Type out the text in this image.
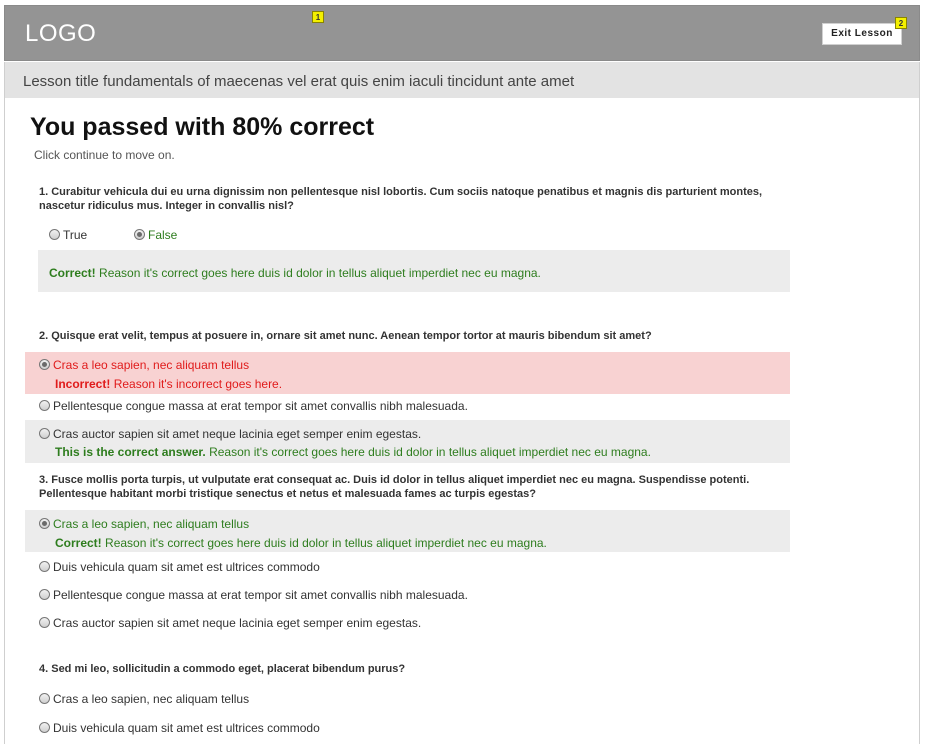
LOGO
1
Exit Lesson
2
Lesson title fundamentals of maecenas vel erat quis enim iaculi tincidunt ante amet
You passed with 80% correct
Click continue to move on.
1. Curabitur vehicula dui eu urna dignissim non pellentesque nisl lobortis. Cum sociis natoque penatibus et magnis dis parturient montes, nascetur ridiculus mus. Integer in convallis nisl?
True	False
Correct! Reason it's correct goes here duis id dolor in tellus aliquet imperdiet nec eu magna.
2. Quisque erat velit, tempus at posuere in, ornare sit amet nunc. Aenean tempor tortor at mauris bibendum sit amet?
Cras a leo sapien, nec aliquam tellus
Incorrect! Reason it's incorrect goes here.
Pellentesque congue massa at erat tempor sit amet convallis nibh malesuada.
Cras auctor sapien sit amet neque lacinia eget semper enim egestas.
This is the correct answer. Reason it's correct goes here duis id dolor in tellus aliquet imperdiet nec eu magna.
3. Fusce mollis porta turpis, ut vulputate erat consequat ac. Duis id dolor in tellus aliquet imperdiet nec eu magna. Suspendisse potenti. Pellentesque habitant morbi tristique senectus et netus et malesuada fames ac turpis egestas?
Cras a leo sapien, nec aliquam tellus
Correct! Reason it's correct goes here duis id dolor in tellus aliquet imperdiet nec eu magna.
Duis vehicula quam sit amet est ultrices commodo
Pellentesque congue massa at erat tempor sit amet convallis nibh malesuada.
Cras auctor sapien sit amet neque lacinia eget semper enim egestas.
4. Sed mi leo, sollicitudin a commodo eget, placerat bibendum purus?
Cras a leo sapien, nec aliquam tellus
Duis vehicula quam sit amet est ultrices commodo
